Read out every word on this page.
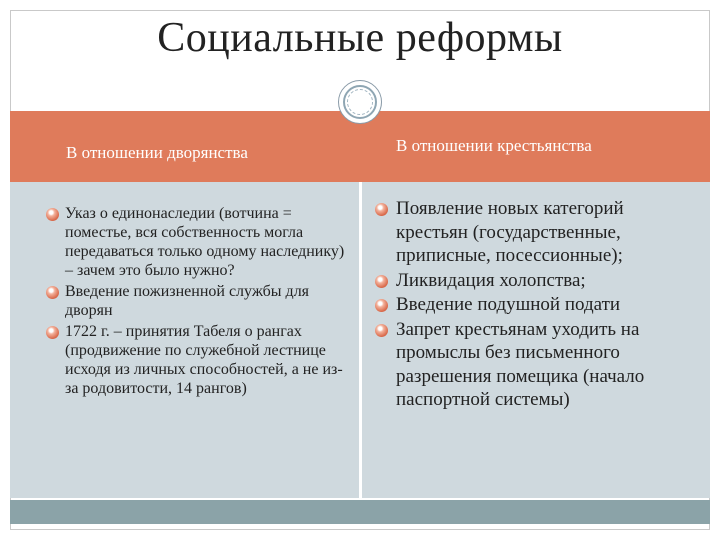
Социальные реформы
В отношении дворянства	В отношении крестьянства
Указ о единонаследии (вотчина = поместье, вся собственность могла передаваться только одному наследнику) – зачем это было нужно?
Введение пожизненной службы для дворян
1722 г. – принятия Табеля о рангах (продвижение по служебной лестнице исходя из личных способностей, а не из-за родовитости, 14 рангов)
Появление новых категорий крестьян (государственные, приписные, посессионные);
Ликвидация холопства;
Введение подушной подати
Запрет крестьянам уходить на промыслы без письменного разрешения помещика (начало паспортной системы)
